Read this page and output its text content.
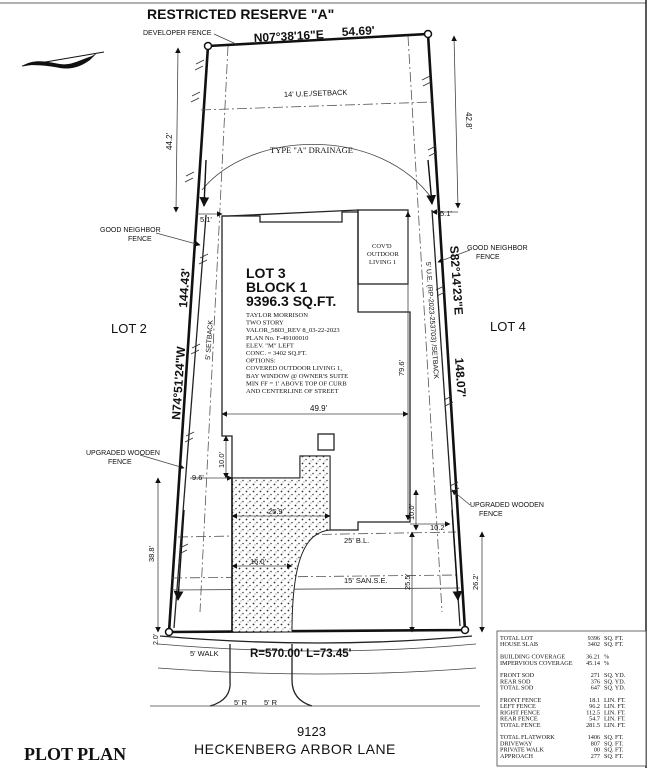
RESTRICTED RESERVE "A"
N07°38'16"E 54.69'
DEVELOPER FENCE
14' U.E./SETBACK
TYPE "A" DRAINAGE
44.2'
42.8'
5.1'
5.1'
GOOD NEIGHBOR
FENCE
GOOD NEIGHBOR
FENCE
COV'D
OUTDOOR
LIVING 1
LOT 3
BLOCK 1
9396.3 SQ.FT.
TAYLOR MORRISON
TWO STORY
VALOR_5803_REV 8_03-22-2023
PLAN No. F-49100010
ELEV. "M" LEFT
CONC. = 3402 SQ.FT.
OPTIONS:
COVERED OUTDOOR LIVING 1,
BAY WINDOW @ OWNER'S SUITE
MIN FF = 1' ABOVE TOP OF CURB
AND CENTERLINE OF STREET
LOT 2	LOT 4
N74°51'24"W
144.43'	S82°14'23"E
148.07'
5' SETBACK	5' U.E. (RP-2023-253703) /SETBACK
79.6'
49.9'
UPGRADED WOODEN
FENCE
UPGRADED WOODEN
FENCE
10.0'
9.6'
25.9'
16.0'
38.8'
2.0'
10.0'
10.2'
25.5'	26.2'
25' B.L.
15' SAN.S.E.
5' WALK	R=570.00' L=73.45'
5' R 5' R
9123
HECKENBERG ARBOR LANE
PLOT PLAN
TOTAL LOT	9396 SQ. FT.
HOUSE SLAB	3402 SQ. FT.
BUILDING COVERAGE	36.21 %
IMPERVIOUS COVERAGE 45.14 %
FRONT SOD	271 SQ. YD.
REAR SOD	376 SQ. YD.
TOTAL SOD	647 SQ. YD.
FRONT FENCE	18.1 LIN. FT.
LEFT FENCE	96.2 LIN. FT.
RIGHT FENCE	112.5 LIN. FT.
REAR FENCE	54.7 LIN. FT.
TOTAL FENCE	281.5 LIN. FT.
TOTAL FLATWORK	1406 SQ. FT.
DRIVEWAY	807 SQ. FT.
PRIVATE WALK	00 SQ. FT.
APPROACH	277 SQ. FT.
